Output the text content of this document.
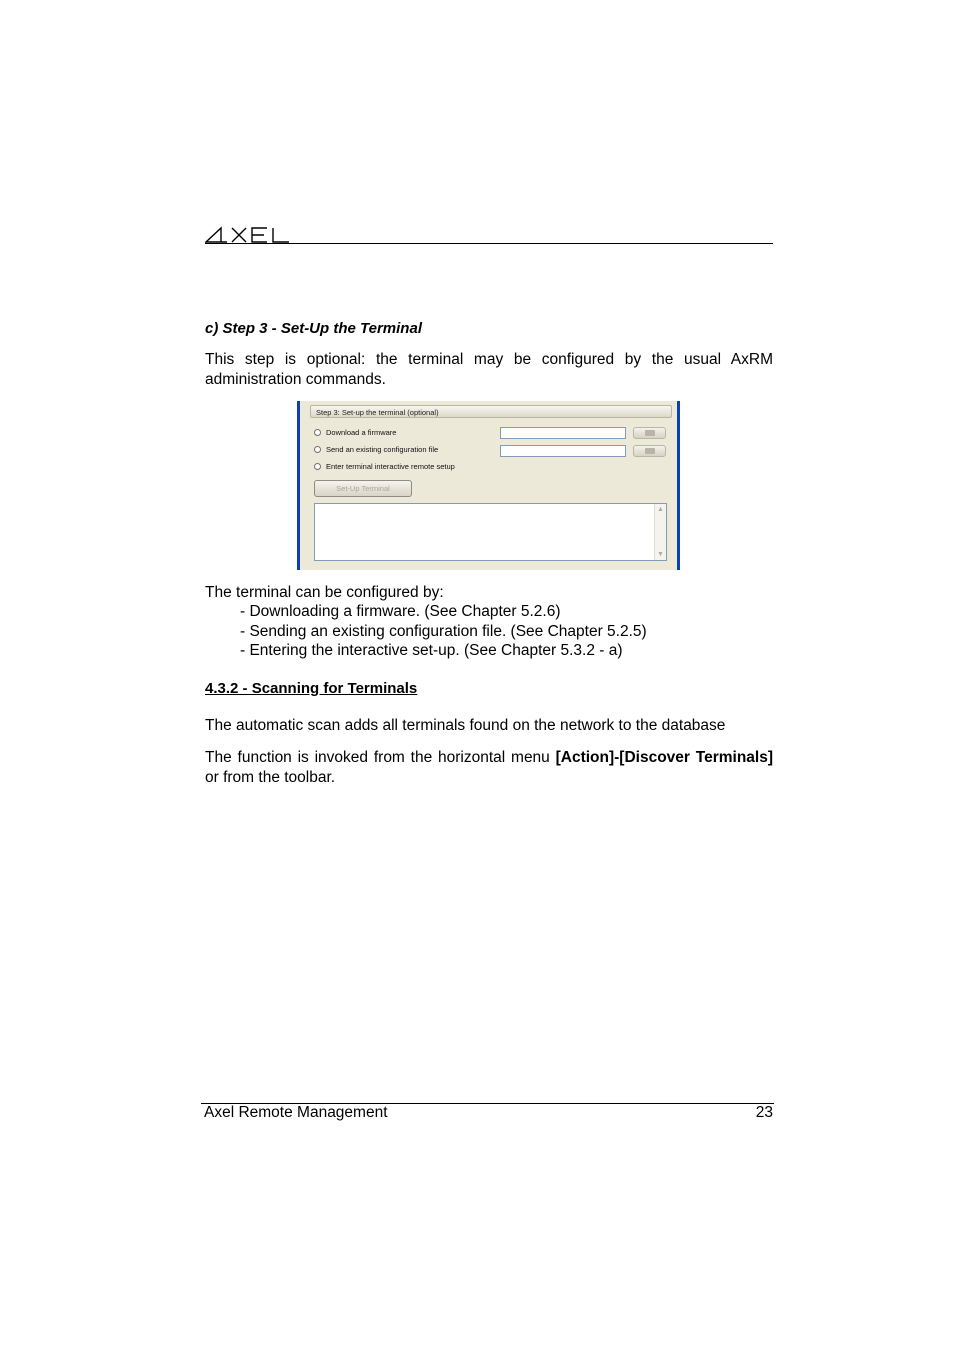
c) Step 3 - Set-Up the Terminal
This step is optional: the terminal may be configured by the usual AxRM administration commands.
Step 3: Set-up the terminal (optional)
Download a firmware
Send an existing configuration file
Enter terminal interactive remote setup
Set-Up Terminal
▲
▼
The terminal can be configured by:
- Downloading a firmware. (See Chapter 5.2.6)
- Sending an existing configuration file. (See Chapter 5.2.5)
- Entering the interactive set-up. (See Chapter 5.3.2 - a)
4.3.2 - Scanning for Terminals
The automatic scan adds all terminals found on the network to the database
The function is invoked from the horizontal menu [Action]-[Discover Terminals] or from the toolbar.
Axel Remote Management	23
